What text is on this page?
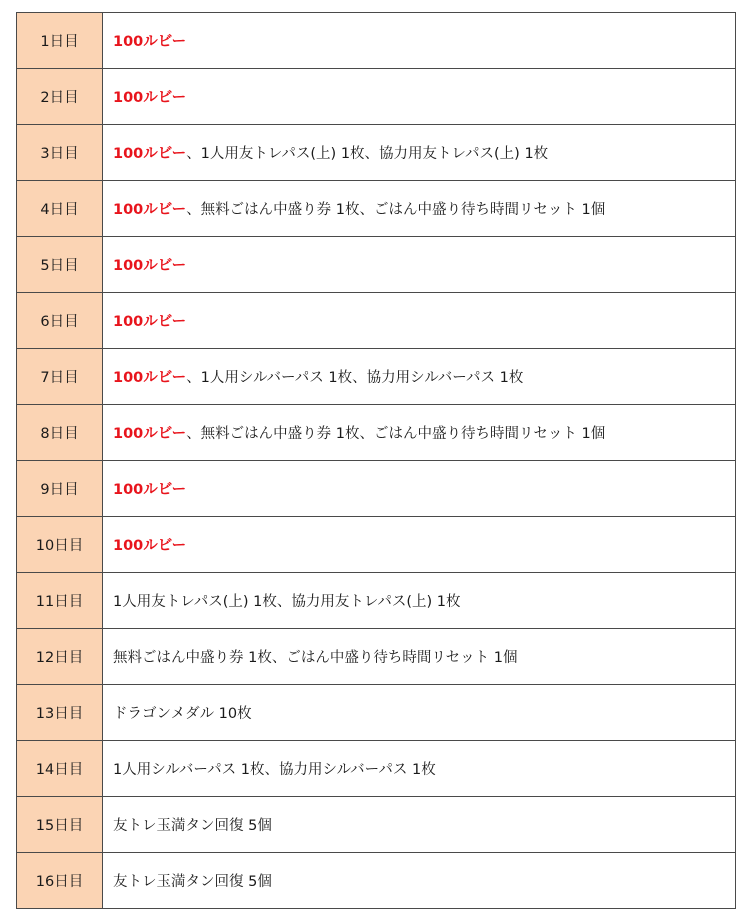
1日目	100ルビー
2日目	100ルビー
3日目	100ルビー、1人用友トレパス(上) 1枚、協力用友トレパス(上) 1枚
4日目	100ルビー、無料ごはん中盛り券 1枚、ごはん中盛り待ち時間リセット 1個
5日目	100ルビー
6日目	100ルビー
7日目	100ルビー、1人用シルバーパス 1枚、協力用シルバーパス 1枚
8日目	100ルビー、無料ごはん中盛り券 1枚、ごはん中盛り待ち時間リセット 1個
9日目	100ルビー
10日目	100ルビー
11日目	1人用友トレパス(上) 1枚、協力用友トレパス(上) 1枚
12日目	無料ごはん中盛り券 1枚、ごはん中盛り待ち時間リセット 1個
13日目	ドラゴンメダル 10枚
14日目	1人用シルバーパス 1枚、協力用シルバーパス 1枚
15日目	友トレ玉満タン回復 5個
16日目	友トレ玉満タン回復 5個
